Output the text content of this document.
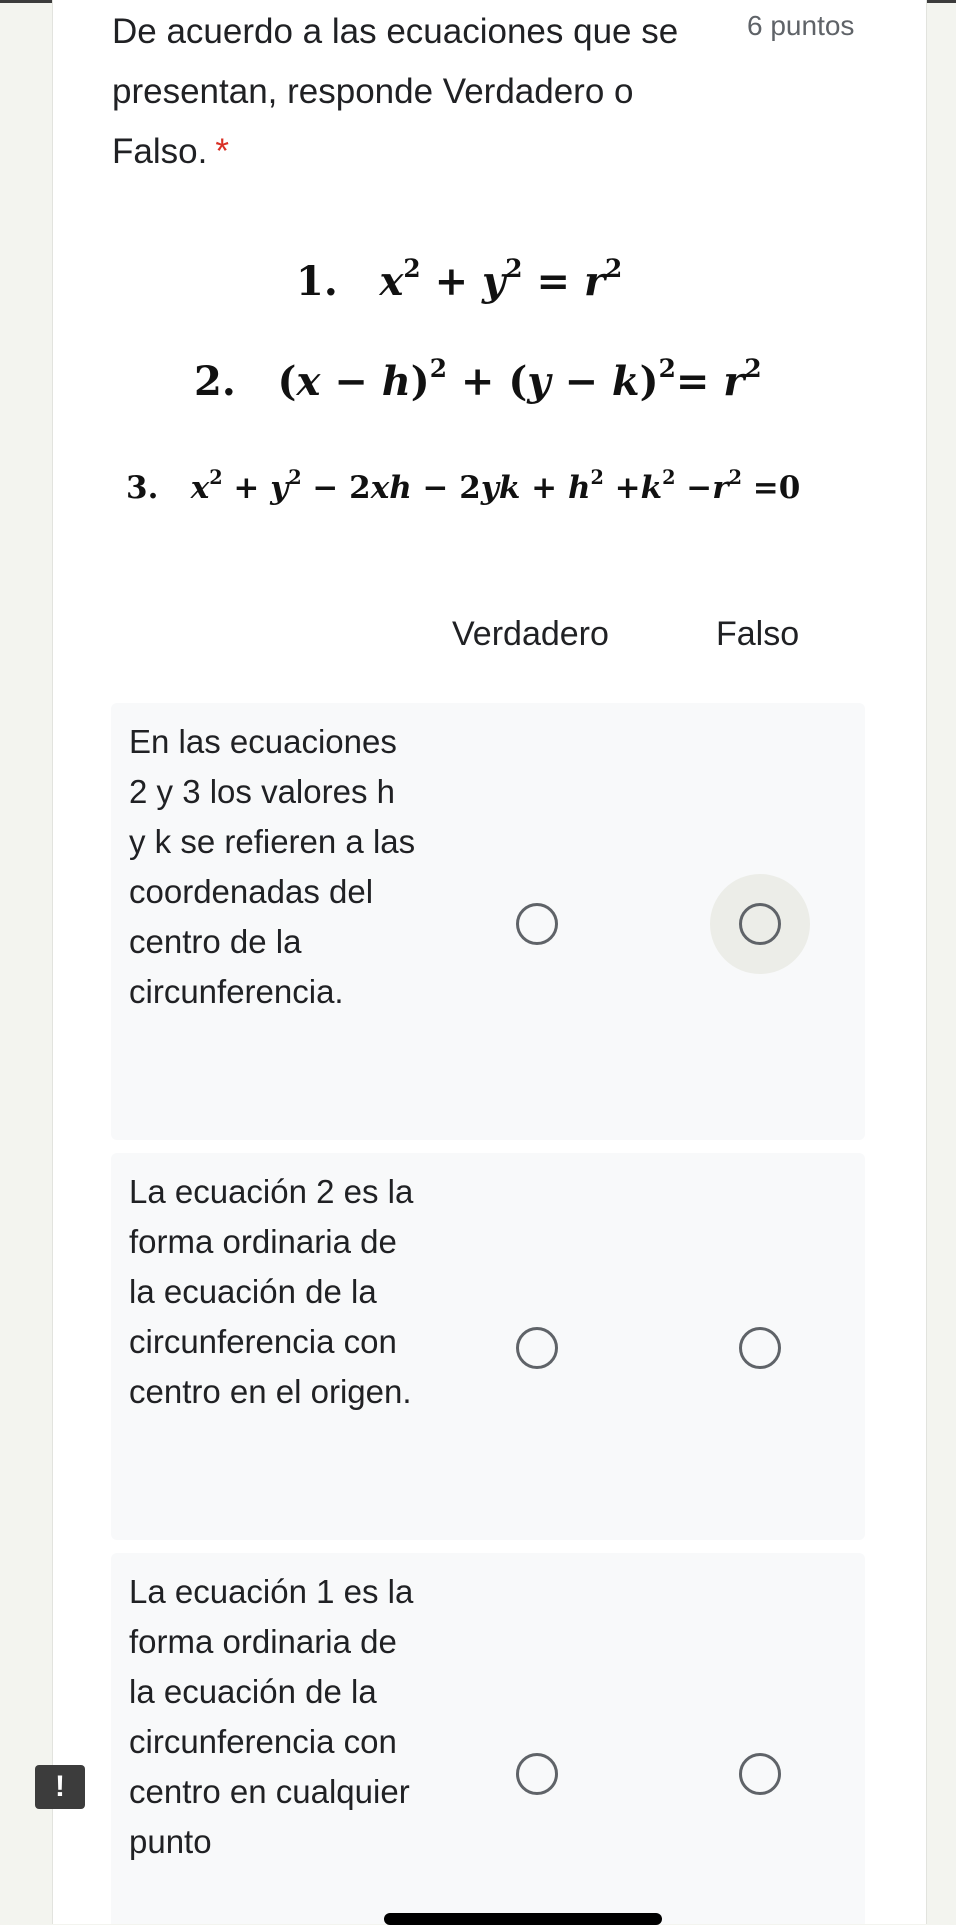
De acuerdo a las ecuaciones que se presentan, responde Verdadero o Falso. *
6 puntos
1. $x^2 + y^2 = r^2$
2.   $(x - h)^2 + (y - k)^2= r^2$
3. $x^2 + y^2 - 2xh - 2yk + h^2 +k^2 -r^2 =0$
Verdadero	Falso
En las ecuaciones 2 y 3 los valores h y k se refieren a las coordenadas del centro de la circunferencia.
La ecuación 2 es la forma ordinaria de la ecuación de la circunferencia con centro en el origen.
La ecuación 1 es la forma ordinaria de la ecuación de la circunferencia con centro en cualquier punto
!
